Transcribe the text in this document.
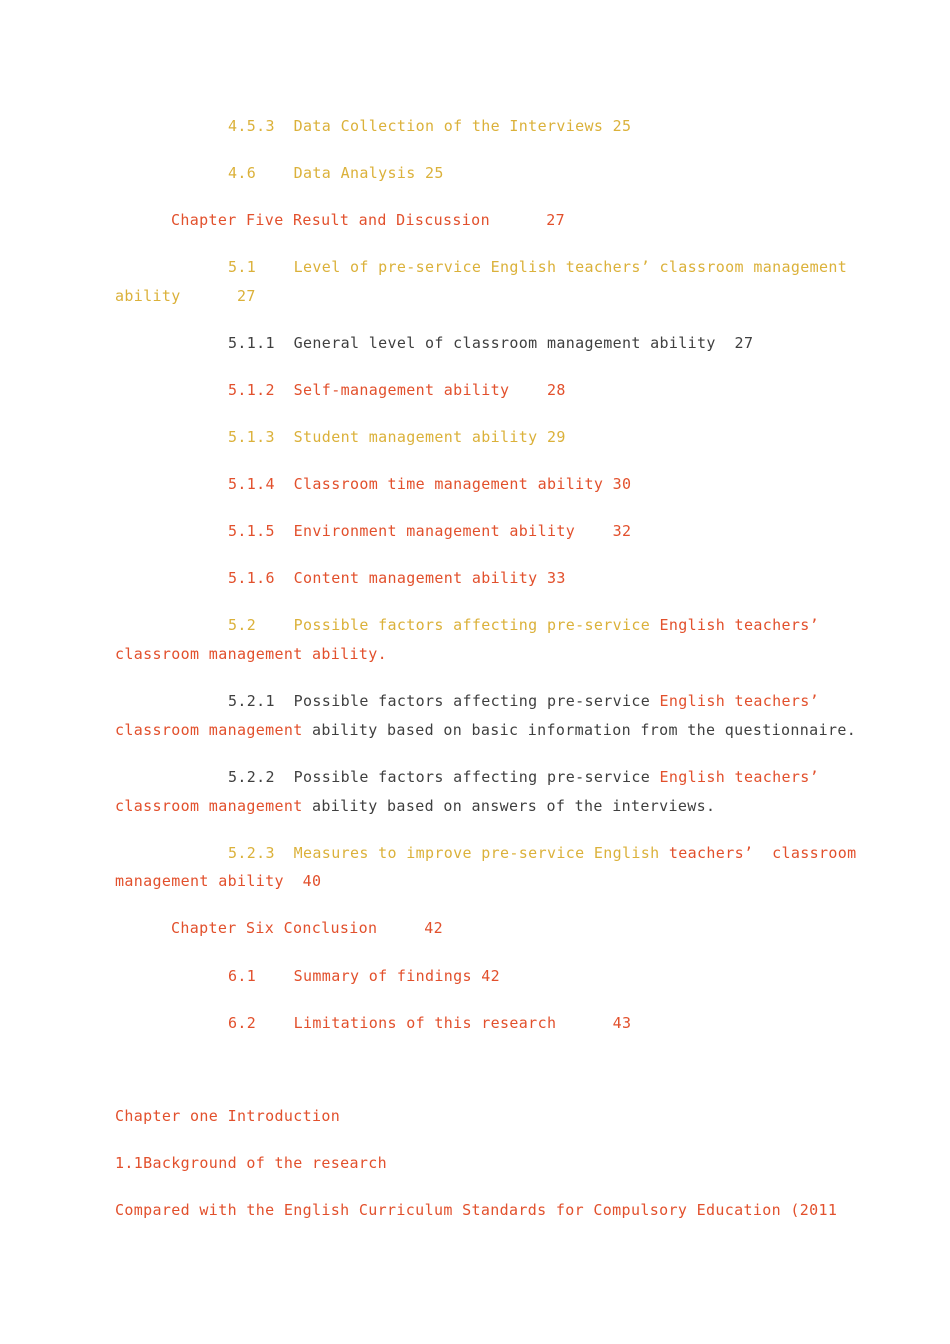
4.5.3  Data Collection of the Interviews 25
4.6    Data Analysis 25
Chapter Five Result and Discussion      27
5.1    Level of pre-service English teachers’ classroom management
ability      27
5.1.1  General level of classroom management ability  27
5.1.2  Self-management ability    28
5.1.3  Student management ability 29
5.1.4  Classroom time management ability 30
5.1.5  Environment management ability    32
5.1.6  Content management ability 33
5.2    Possible factors affecting pre-service English teachers’
classroom management ability.
5.2.1  Possible factors affecting pre-service English teachers’
classroom management ability based on basic information from the questionnaire.
5.2.2  Possible factors affecting pre-service English teachers’
classroom management ability based on answers of the interviews.
5.2.3  Measures to improve pre-service English teachers’  classroom
management ability  40
Chapter Six Conclusion     42
6.1    Summary of findings 42
6.2    Limitations of this research      43
Chapter one Introduction
1.1Background of the research
Compared with the English Curriculum Standards for Compulsory Education (2011
